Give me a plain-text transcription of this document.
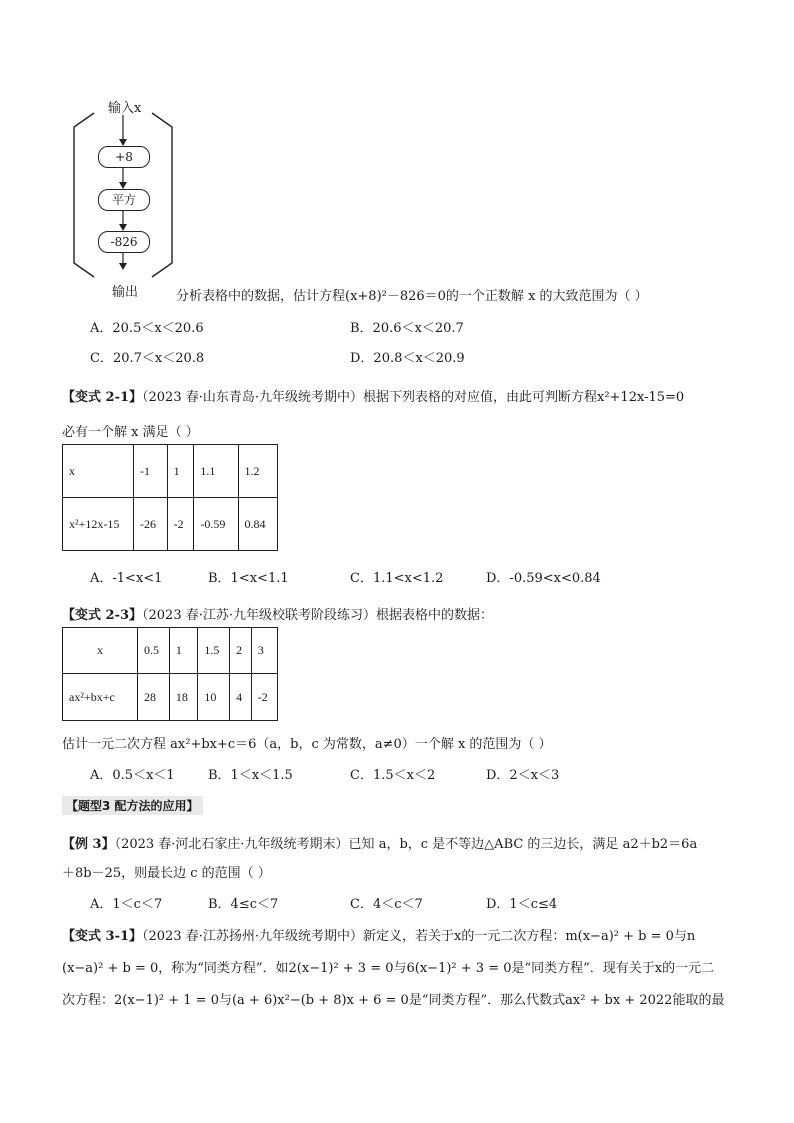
输入x
+8
平方
-826
输出	分析表格中的数据，估计方程(x+8)²－826＝0的一个正数解 x 的大致范围为（ ）
A．20.5＜x＜20.6	B．20.6＜x＜20.7
C．20.7＜x＜20.8	D．20.8＜x＜20.9
【变式 2-1】（2023 春·山东青岛·九年级统考期中）根据下列表格的对应值，由此可判断方程x²+12x-15=0
必有一个解 x 满足（ ）
x	-1	1	1.1	1.2
x²+12x-15	-26	-2	-0.59	0.84
A．-1<x<1	B．1<x<1.1	C．1.1<x<1.2	D．-0.59<x<0.84
【变式 2-3】（2023 春·江苏·九年级校联考阶段练习）根据表格中的数据：
x	0.5	1	1.5	2	3
ax²+bx+c	28	18	10	4	-2
估计一元二次方程 ax²+bx+c＝6（a，b，c 为常数，a≠0）一个解 x 的范围为（ ）
A．0.5＜x＜1	B．1＜x＜1.5	C．1.5＜x＜2	D．2＜x＜3
【题型3 配方法的应用】
【例 3】（2023 春·河北石家庄·九年级统考期末）已知 a，b，c 是不等边△ABC 的三边长，满足 a2＋b2＝6a
＋8b－25，则最长边 c 的范围（ ）
A．1＜c＜7	B．4≤c＜7	C．4＜c＜7	D．1＜c≤4
【变式 3-1】（2023 春·江苏扬州·九年级统考期中）新定义，若关于x的一元二次方程：m(x−a)² + b = 0与n
(x−a)² + b = 0，称为“同类方程”．如2(x−1)² + 3 = 0与6(x−1)² + 3 = 0是“同类方程”．现有关于x的一元二
次方程：2(x−1)² + 1 = 0与(a + 6)x²−(b + 8)x + 6 = 0是“同类方程”．那么代数式ax² + bx + 2022能取的最
